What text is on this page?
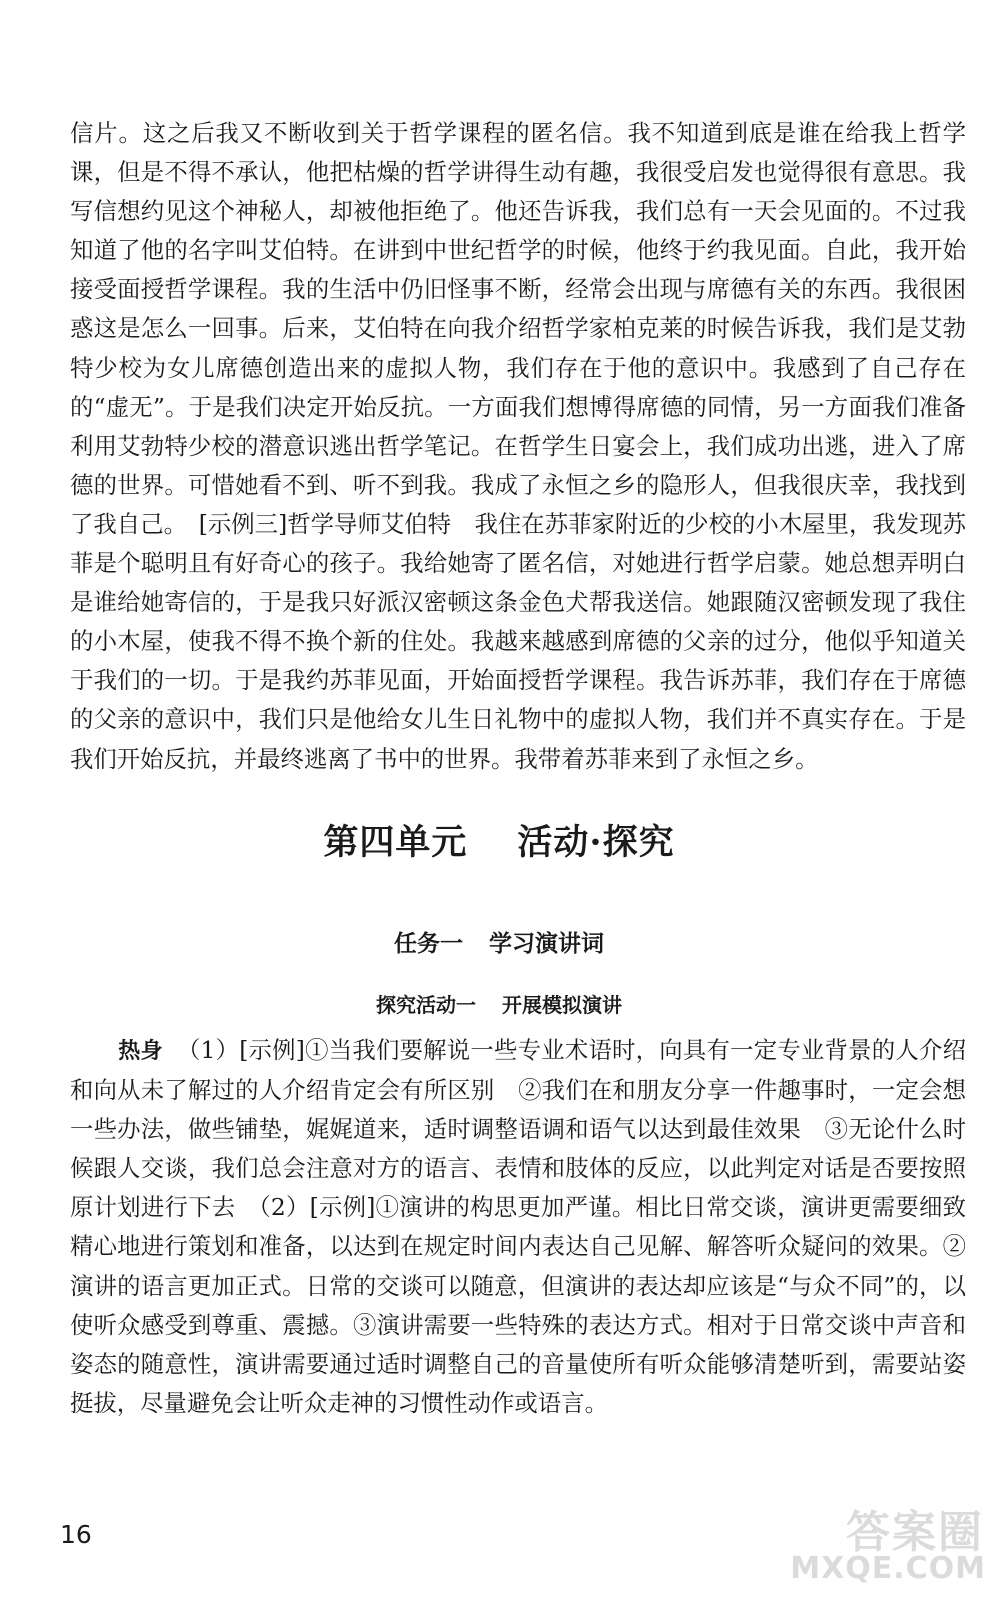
信片。这之后我又不断收到关于哲学课程的匿名信。我不知道到底是谁在给我上哲学课，但是不得不承认，他把枯燥的哲学讲得生动有趣，我很受启发也觉得很有意思。我写信想约见这个神秘人，却被他拒绝了。他还告诉我，我们总有一天会见面的。不过我知道了他的名字叫艾伯特。在讲到中世纪哲学的时候，他终于约我见面。自此，我开始接受面授哲学课程。我的生活中仍旧怪事不断，经常会出现与席德有关的东西。我很困惑这是怎么一回事。后来，艾伯特在向我介绍哲学家柏克莱的时候告诉我，我们是艾勃特少校为女儿席德创造出来的虚拟人物，我们存在于他的意识中。我感到了自己存在的“虚无”。于是我们决定开始反抗。一方面我们想博得席德的同情，另一方面我们准备利用艾勃特少校的潜意识逃出哲学笔记。在哲学生日宴会上，我们成功出逃，进入了席德的世界。可惜她看不到、听不到我。我成了永恒之乡的隐形人，但我很庆幸，我找到了我自己。　[示例三]哲学导师艾伯特　我住在苏菲家附近的少校的小木屋里，我发现苏菲是个聪明且有好奇心的孩子。我给她寄了匿名信，对她进行哲学启蒙。她总想弄明白是谁给她寄信的，于是我只好派汉密顿这条金色犬帮我送信。她跟随汉密顿发现了我住的小木屋，使我不得不换个新的住处。我越来越感到席德的父亲的过分，他似乎知道关于我们的一切。于是我约苏菲见面，开始面授哲学课程。我告诉苏菲，我们存在于席德的父亲的意识中，我们只是他给女儿生日礼物中的虚拟人物，我们并不真实存在。于是我们开始反抗，并最终逃离了书中的世界。我带着苏菲来到了永恒之乡。

第四单元 活动·探究
任务一 学习演讲词
探究活动一 开展模拟演讲

热身 （1）[示例]①当我们要解说一些专业术语时，向具有一定专业背景的人介绍和向从未了解过的人介绍肯定会有所区别　②我们在和朋友分享一件趣事时，一定会想一些办法，做些铺垫，娓娓道来，适时调整语调和语气以达到最佳效果　③无论什么时候跟人交谈，我们总会注意对方的语言、表情和肢体的反应，以此判定对话是否要按照原计划进行下去　（2）[示例]①演讲的构思更加严谨。相比日常交谈，演讲更需要细致精心地进行策划和准备，以达到在规定时间内表达自己见解、解答听众疑问的效果。②演讲的语言更加正式。日常的交谈可以随意，但演讲的表达却应该是“与众不同”的，以使听众感受到尊重、震撼。③演讲需要一些特殊的表达方式。相对于日常交谈中声音和姿态的随意性，演讲需要通过适时调整自己的音量使所有听众能够清楚听到，需要站姿挺拔，尽量避免会让听众走神的习惯性动作或语言。

16	答案圈
MXQE.COM
